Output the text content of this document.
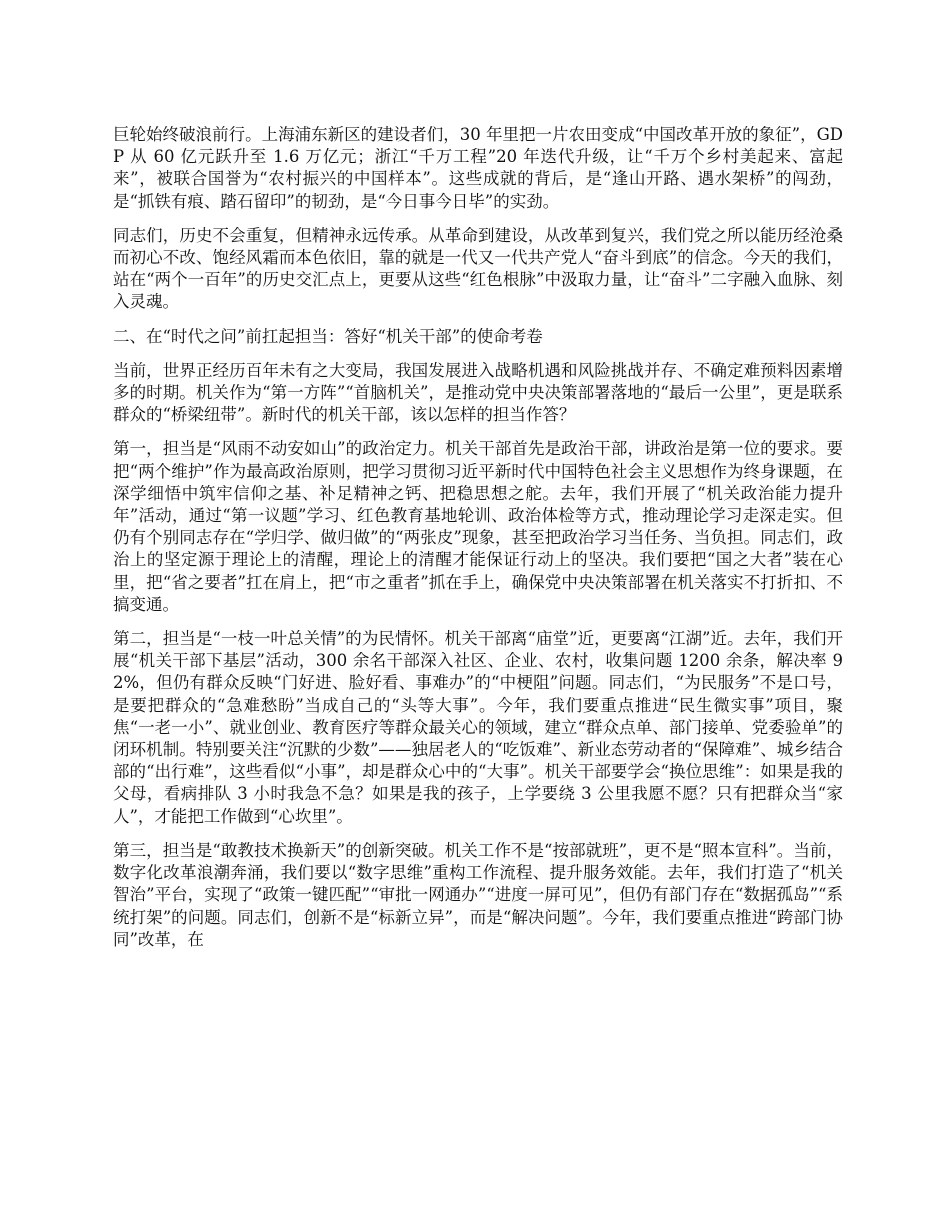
巨轮始终破浪前行。上海浦东新区的建设者们，30 年里把一片农田变成“中国改革开放的象征”，GDP 从 60 亿元跃升至 1.6 万亿元；浙江“千万工程”20 年迭代升级，让“千万个乡村美起来、富起来”，被联合国誉为“农村振兴的中国样本”。这些成就的背后，是“逢山开路、遇水架桥”的闯劲，是“抓铁有痕、踏石留印”的韧劲，是“今日事今日毕”的实劲。

同志们，历史不会重复，但精神永远传承。从革命到建设，从改革到复兴，我们党之所以能历经沧桑而初心不改、饱经风霜而本色依旧，靠的就是一代又一代共产党人“奋斗到底”的信念。今天的我们，站在“两个一百年”的历史交汇点上，更要从这些“红色根脉”中汲取力量，让“奋斗”二字融入血脉、刻入灵魂。

二、在“时代之问”前扛起担当：答好“机关干部”的使命考卷

当前，世界正经历百年未有之大变局，我国发展进入战略机遇和风险挑战并存、不确定难预料因素增多的时期。机关作为“第一方阵”“首脑机关”，是推动党中央决策部署落地的“最后一公里”，更是联系群众的“桥梁纽带”。新时代的机关干部，该以怎样的担当作答？

第一，担当是“风雨不动安如山”的政治定力。机关干部首先是政治干部，讲政治是第一位的要求。要把“两个维护”作为最高政治原则，把学习贯彻习近平新时代中国特色社会主义思想作为终身课题，在深学细悟中筑牢信仰之基、补足精神之钙、把稳思想之舵。去年，我们开展了“机关政治能力提升年”活动，通过“第一议题”学习、红色教育基地轮训、政治体检等方式，推动理论学习走深走实。但仍有个别同志存在“学归学、做归做”的“两张皮”现象，甚至把政治学习当任务、当负担。同志们，政治上的坚定源于理论上的清醒，理论上的清醒才能保证行动上的坚决。我们要把“国之大者”装在心里，把“省之要者”扛在肩上，把“市之重者”抓在手上，确保党中央决策部署在机关落实不打折扣、不搞变通。

第二，担当是“一枝一叶总关情”的为民情怀。机关干部离“庙堂”近，更要离“江湖”近。去年，我们开展“机关干部下基层”活动，300 余名干部深入社区、企业、农村，收集问题 1200 余条，解决率 92%，但仍有群众反映“门好进、脸好看、事难办”的“中梗阻”问题。同志们，“为民服务”不是口号，是要把群众的“急难愁盼”当成自己的“头等大事”。今年，我们要重点推进“民生微实事”项目，聚焦“一老一小”、就业创业、教育医疗等群众最关心的领域，建立“群众点单、部门接单、党委验单”的闭环机制。特别要关注“沉默的少数”——独居老人的“吃饭难”、新业态劳动者的“保障难”、城乡结合部的“出行难”，这些看似“小事”，却是群众心中的“大事”。机关干部要学会“换位思维”：如果是我的父母，看病排队 3 小时我急不急？如果是我的孩子，上学要绕 3 公里我愿不愿？只有把群众当“家人”，才能把工作做到“心坎里”。

第三，担当是“敢教技术换新天”的创新突破。机关工作不是“按部就班”，更不是“照本宣科”。当前，数字化改革浪潮奔涌，我们要以“数字思维”重构工作流程、提升服务效能。去年，我们打造了“机关智治”平台，实现了“政策一键匹配”“审批一网通办”“进度一屏可见”，但仍有部门存在“数据孤岛”“系统打架”的问题。同志们，创新不是“标新立异”，而是“解决问题”。今年，我们要重点推进“跨部门协同”改革，在
